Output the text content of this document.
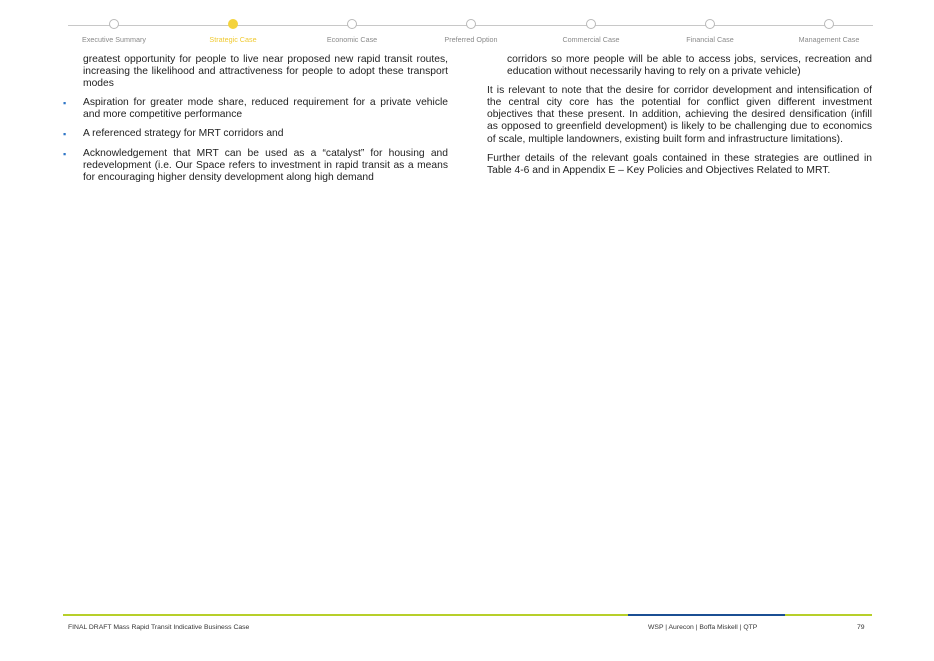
Executive Summary	Strategic Case	Economic Case	Preferred Option	Commercial Case	Financial Case	Management Case

greatest opportunity for people to live near proposed new rapid transit routes, increasing the likelihood and attractiveness for people to adopt these transport modes

▪ Aspiration for greater mode share, reduced requirement for a private vehicle and more competitive performance
▪ A referenced strategy for MRT corridors and
▪ Acknowledgement that MRT can be used as a “catalyst” for housing and redevelopment (i.e. Our Space refers to investment in rapid transit as a means for encouraging higher density development along high demand

corridors so more people will be able to access jobs, services, recreation and education without necessarily having to rely on a private vehicle)

It is relevant to note that the desire for corridor development and intensification of the central city core has the potential for conflict given different investment objectives that these present. In addition, achieving the desired densification (infill as opposed to greenfield development) is likely to be challenging due to economics of scale, multiple landowners, existing built form and infrastructure limitations).

Further details of the relevant goals contained in these strategies are outlined in Table 4-6 and in Appendix E – Key Policies and Objectives Related to MRT.

FINAL DRAFT Mass Rapid Transit Indicative Business Case	WSP | Aurecon | Boffa Miskell | QTP	79
